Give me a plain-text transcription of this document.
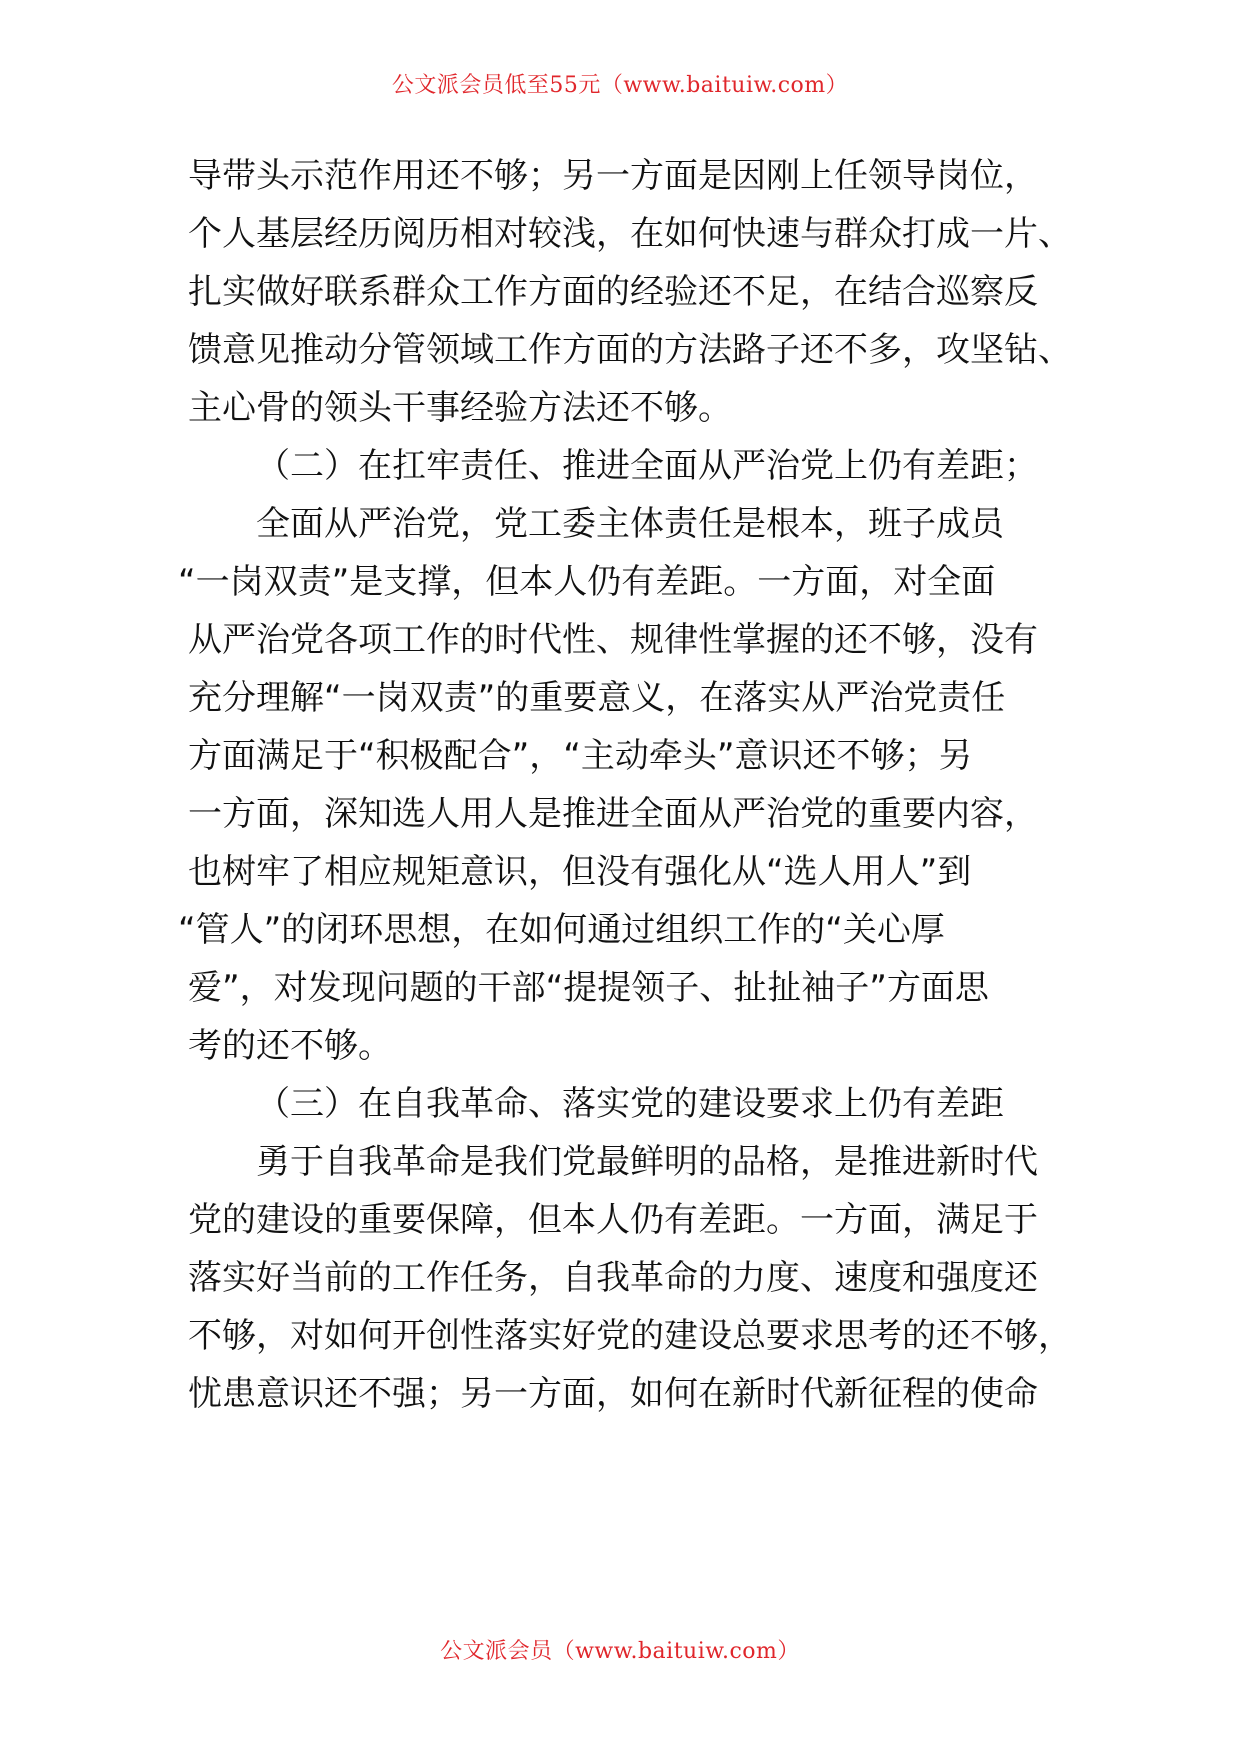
公文派会员低至55元（www.baituiw.com）
导带头示范作用还不够；另一方面是因刚上任领导岗位，
个人基层经历阅历相对较浅，在如何快速与群众打成一片、
扎实做好联系群众工作方面的经验还不足，在结合巡察反
馈意见推动分管领域工作方面的方法路子还不多，攻坚钻、
主心骨的领头干事经验方法还不够。
（二）在扛牢责任、推进全面从严治党上仍有差距；
全面从严治党，党工委主体责任是根本，班子成员
“一岗双责”是支撑，但本人仍有差距。一方面，对全面
从严治党各项工作的时代性、规律性掌握的还不够，没有
充分理解“一岗双责”的重要意义，在落实从严治党责任
方面满足于“积极配合”，“主动牵头”意识还不够；另
一方面，深知选人用人是推进全面从严治党的重要内容，
也树牢了相应规矩意识，但没有强化从“选人用人”到
“管人”的闭环思想，在如何通过组织工作的“关心厚
爱”，对发现问题的干部“提提领子、扯扯袖子”方面思
考的还不够。
（三）在自我革命、落实党的建设要求上仍有差距
勇于自我革命是我们党最鲜明的品格，是推进新时代
党的建设的重要保障，但本人仍有差距。一方面，满足于
落实好当前的工作任务，自我革命的力度、速度和强度还
不够，对如何开创性落实好党的建设总要求思考的还不够，
忧患意识还不强；另一方面，如何在新时代新征程的使命
公文派会员（www.baituiw.com）
